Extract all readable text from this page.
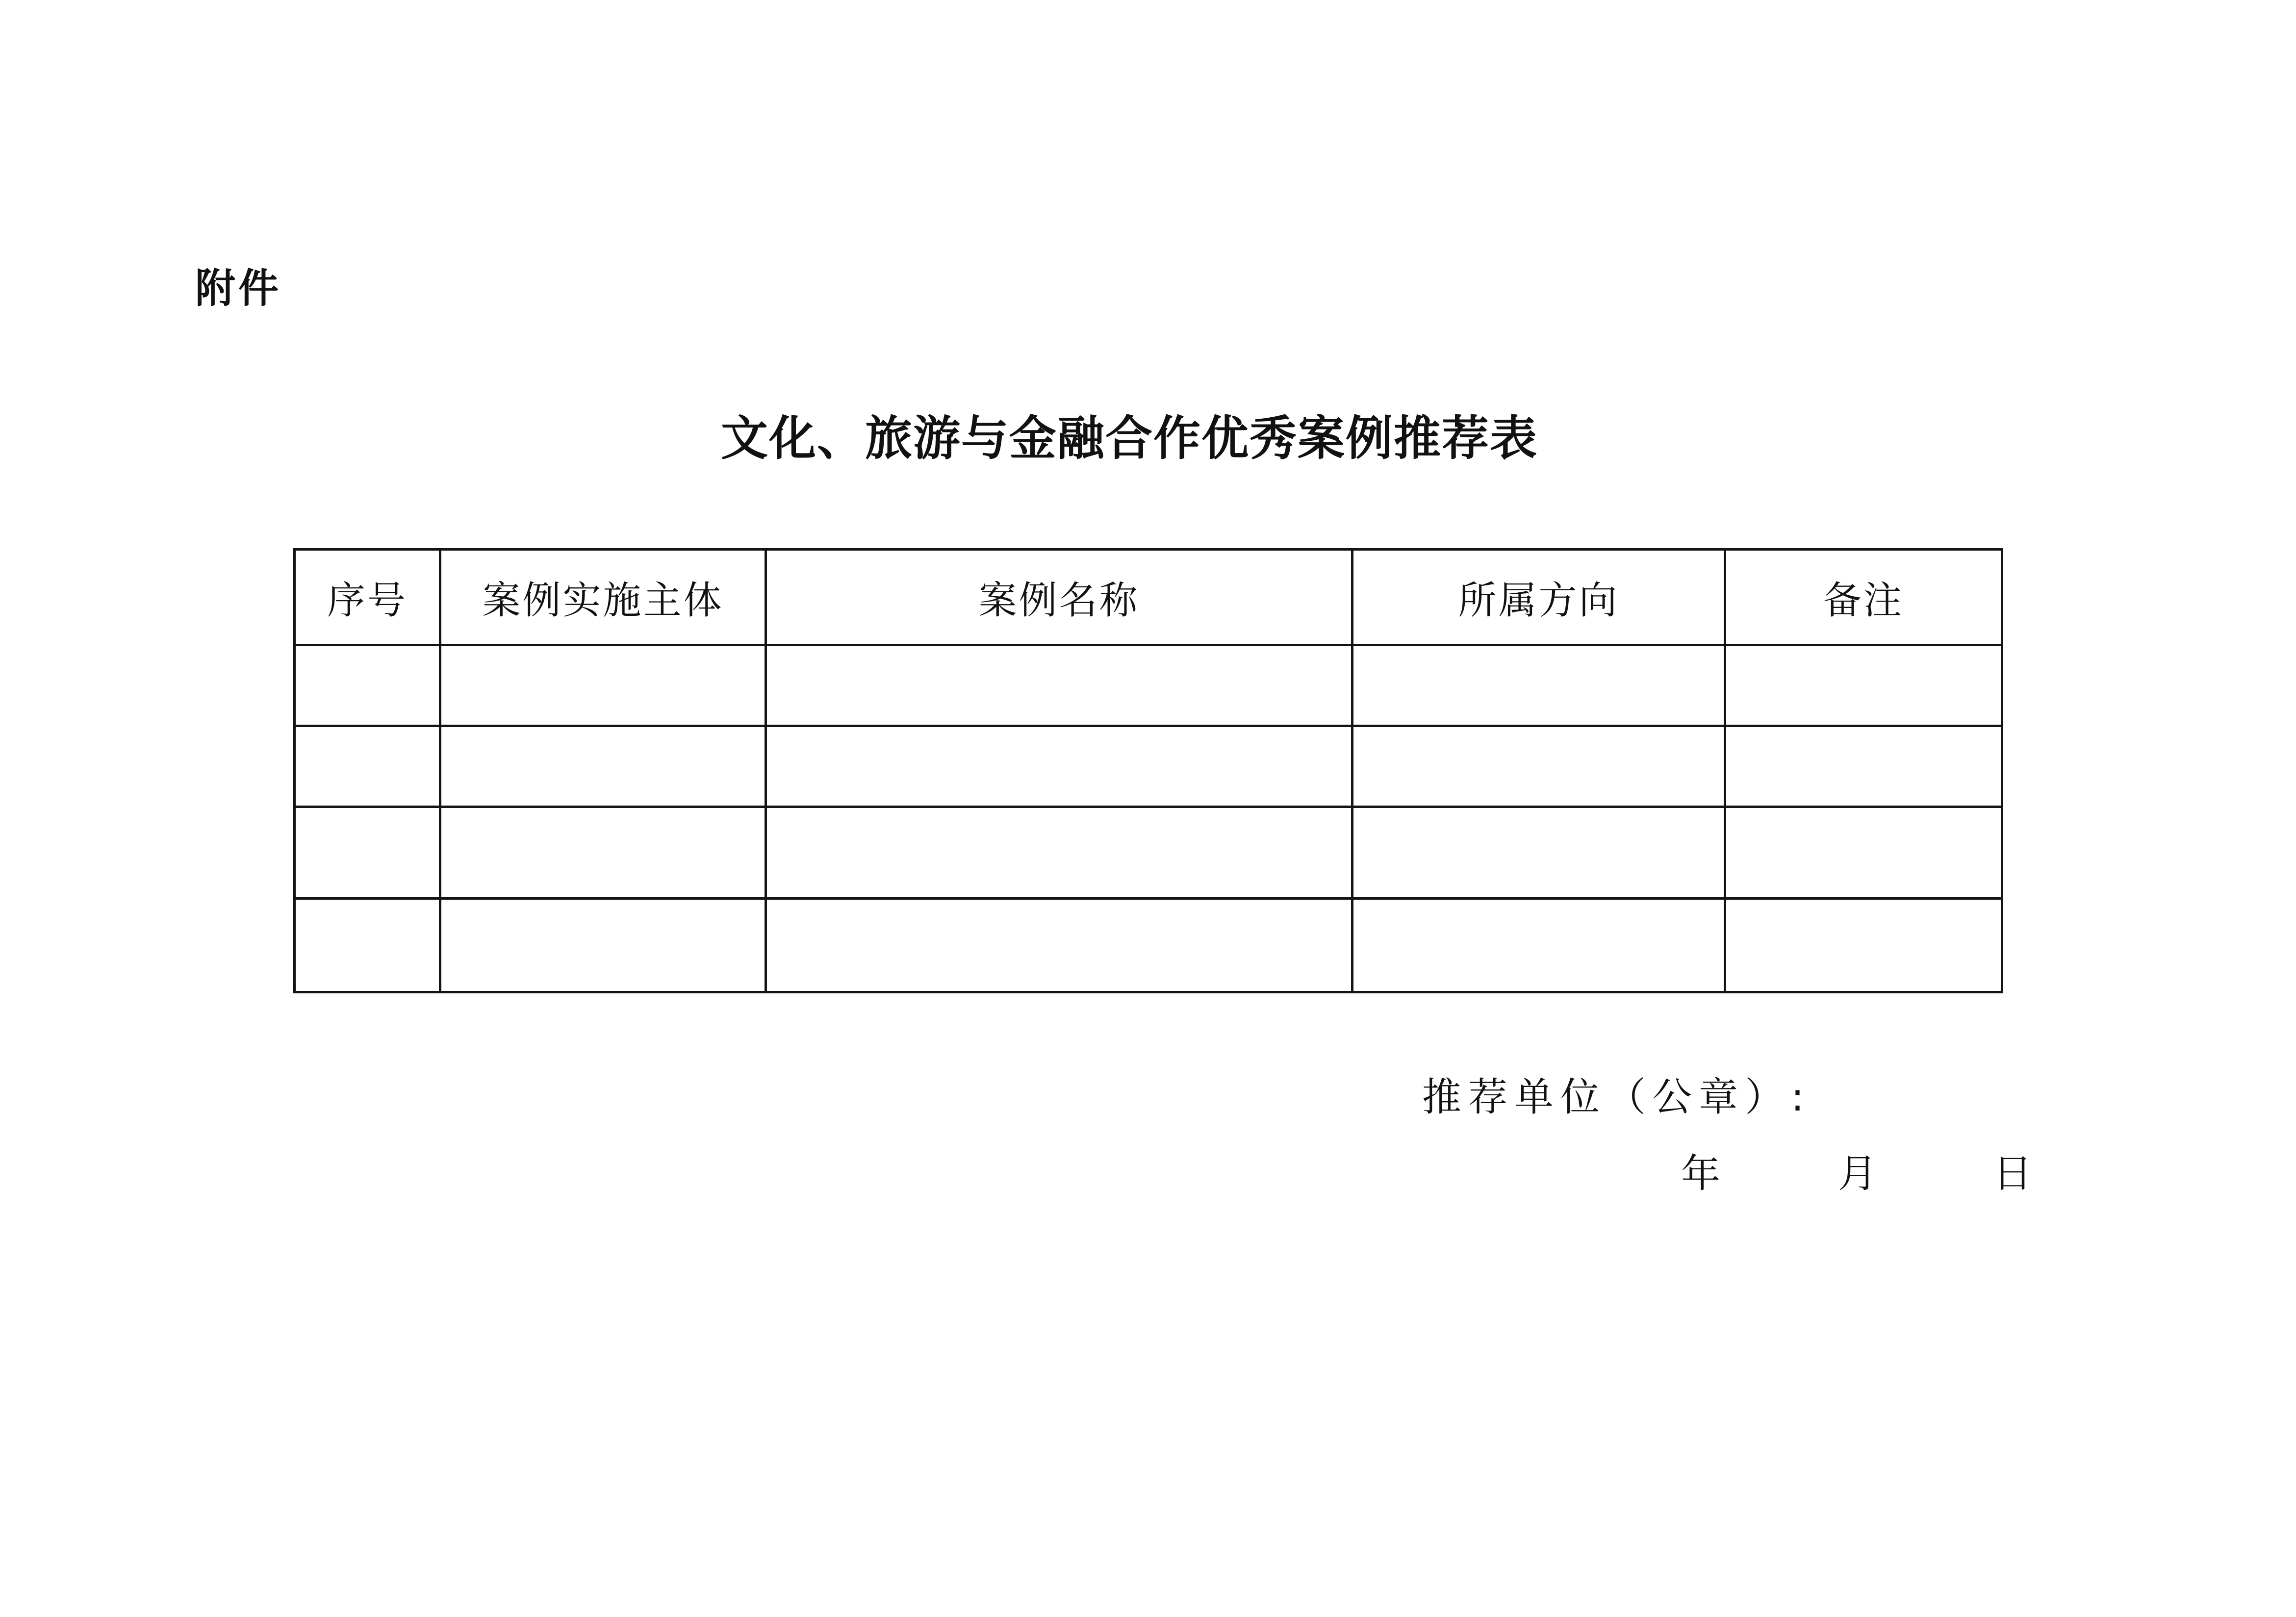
附件
文化、旅游与金融合作优秀案例推荐表
序号	案例实施主体	案例名称	所属方向	备注

推荐单位（公章）:
年	月	日
